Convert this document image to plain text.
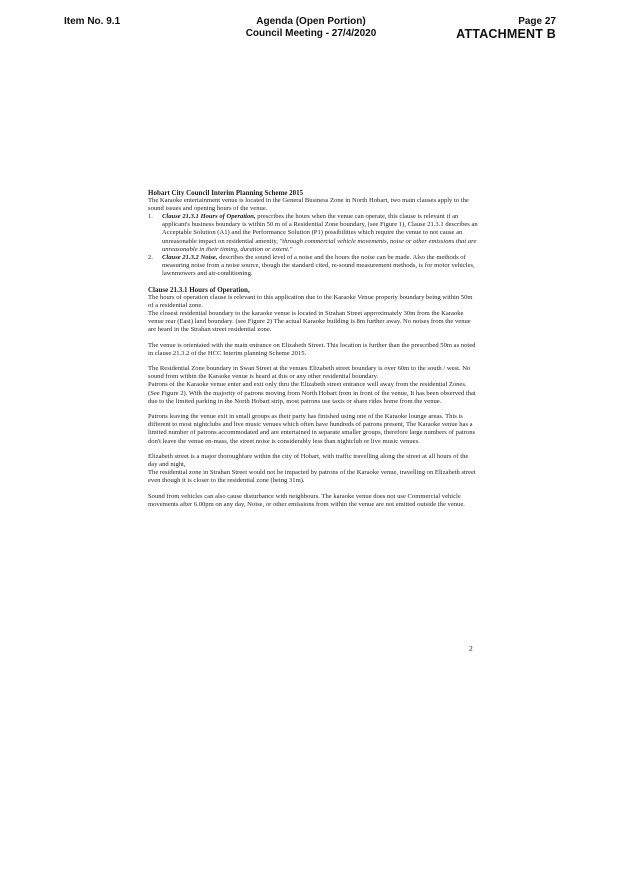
Item No. 9.1	Agenda (Open Portion)
Council Meeting - 27/4/2020
Page 27
ATTACHMENT B

Hobart City Council Interim Planning Scheme 2015

The Karaoke entertainment venue is located in the General Business Zone in North Hobart, two main clauses apply to the sound issues and opening hours of the venue.

1. Clause 21.3.1 Hours of Operation, prescribes the hours when the venue can operate, this clause is relevant if an applicant's business boundary is within 50 m of a Residential Zone boundary, (see Figure 1), Clause 21.3.1 describes an Acceptable Solution (A1) and the Performance Solution (P1) possibilities which require the venue to not cause an unreasonable impact on residential amenity, "through commercial vehicle movements, noise or other emissions that are unreasonable in their timing, duration or extent."
2. Clause 21.3.2 Noise, describes the sound level of a noise and the hours the noise can be made. Also the methods of measuring noise from a noise source, though the standard cited, re-sound measurement methods, is for motor vehicles, lawnmowers and air-conditioning.

Clause 21.3.1 Hours of Operation,

The hours of operation clause is relevant to this application due to the Karaoke Venue property boundary being within 50m of a residential zone.

The closest residential boundary to the karaoke venue is located in Strahan Street approximately 30m from the Karaoke venue rear (East) land boundary. (see Figure 2) The actual Karaoke building is 8m further away. No noises from the venue are heard in the Strahan street residential zone.

The venue is orientated with the main entrance on Elizabeth Street. This location is further than the prescribed 50m as noted in clause 21.3.2 of the HCC Interim planning Scheme 2015.

The Residential Zone boundary in Swan Street at the venues Elizabeth street boundary is over 60m to the south / west. No sound from within the Karaoke venue is heard at this or any other residential boundary.

Patrons of the Karaoke venue enter and exit only thru the Elizabeth street entrance well away from the residential Zones. (See Figure 2). With the majority of patrons moving from North Hobart from in front of the venue, It has been observed that due to the limited parking in the North Hobart strip, most patrons use taxis or share rides home from the venue.

Patrons leaving the venue exit in small groups as their party has finished using one of the Karaoke lounge areas. This is different to most nightclubs and live music venues which often have hundreds of patrons present, The Karaoke venue has a limited number of patrons accommodated and are entertained in separate smaller groups, therefore large numbers of patrons don't leave the venue en-mass, the street noise is considerably less than nightclub or live music venues.

Elizabeth street is a major thoroughfare within the city of Hobart, with traffic travelling along the street at all hours of the day and night,

The residential zone in Strahan Street would not be impacted by patrons of the Karaoke venue, travelling on Elizabeth street even though it is closer to the residential zone (being 31m).

Sound from vehicles can also cause disturbance with neighbours. The karaoke venue does not use Commercial vehicle movements after 6.00pm on any day, Noise, or other emissions from within the venue are not emitted outside the venue.

2
